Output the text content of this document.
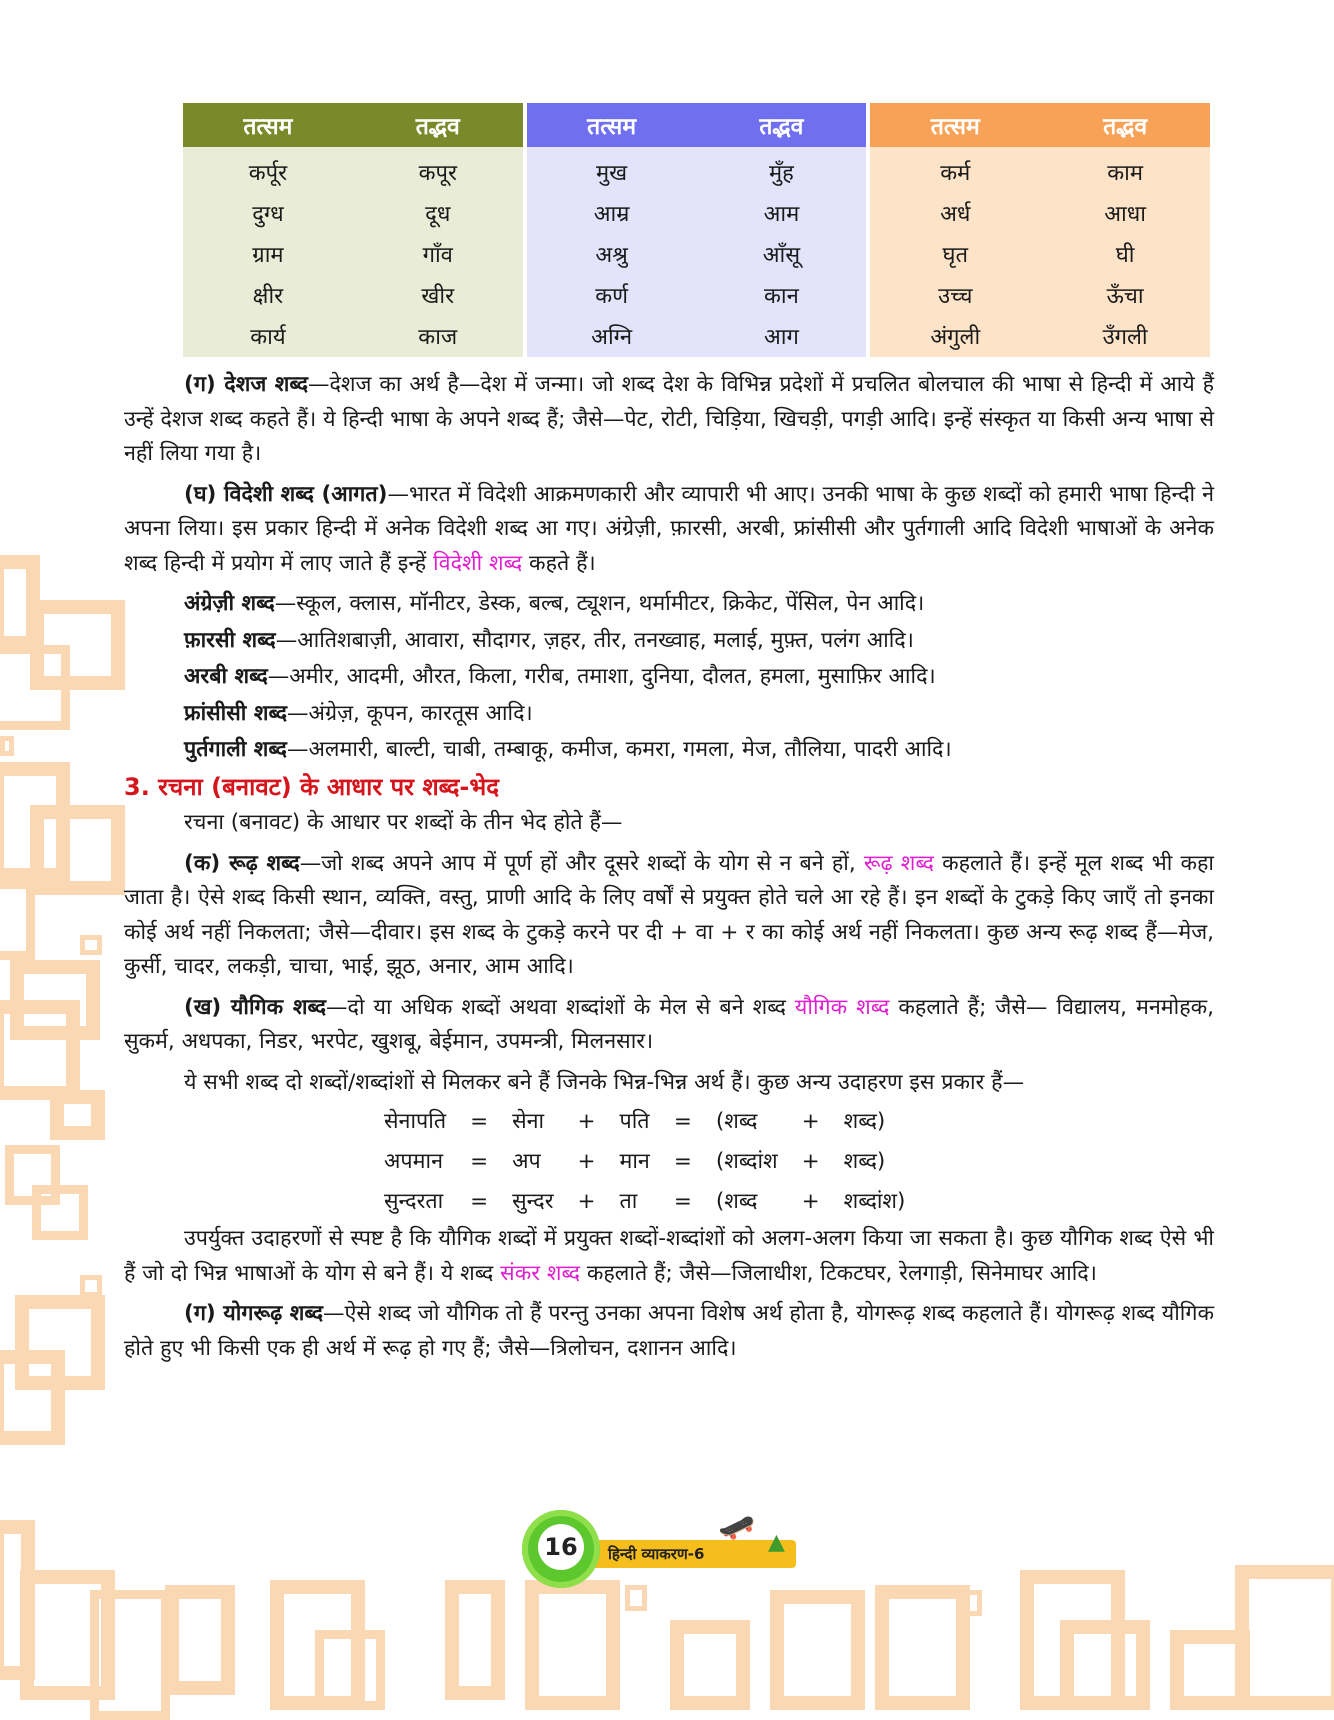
तत्सम	तद्भव
कर्पूर	कपूर
दुग्ध	दूध
ग्राम	गाँव
क्षीर	खीर
कार्य	काज
तत्सम	तद्भव
मुख	मुँह
आम्र	आम
अश्रु	आँसू
कर्ण	कान
अग्नि	आग
तत्सम	तद्भव
कर्म	काम
अर्ध	आधा
घृत	घी
उच्च	ऊँचा
अंगुली	उँगली

(ग) देशज शब्द—देशज का अर्थ है—देश में जन्मा। जो शब्द देश के विभिन्न प्रदेशों में प्रचलित बोलचाल की भाषा से हिन्दी में आये हैं उन्हें देशज शब्द कहते हैं। ये हिन्दी भाषा के अपने शब्द हैं; जैसे—पेट, रोटी, चिड़िया, खिचड़ी, पगड़ी आदि। इन्हें संस्कृत या किसी अन्य भाषा से नहीं लिया गया है।

(घ) विदेशी शब्द (आगत)—भारत में विदेशी आक्रमणकारी और व्यापारी भी आए। उनकी भाषा के कुछ शब्दों को हमारी भाषा हिन्दी ने अपना लिया। इस प्रकार हिन्दी में अनेक विदेशी शब्द आ गए। अंग्रेज़ी, फ़ारसी, अरबी, फ्रांसीसी और पुर्तगाली आदि विदेशी भाषाओं के अनेक शब्द हिन्दी में प्रयोग में लाए जाते हैं इन्हें विदेशी शब्द कहते हैं।

अंग्रेज़ी शब्द—स्कूल, क्लास, मॉनीटर, डेस्क, बल्ब, ट्यूशन, थर्मामीटर, क्रिकेट, पेंसिल, पेन आदि।

फ़ारसी शब्द—आतिशबाज़ी, आवारा, सौदागर, ज़हर, तीर, तनख्वाह, मलाई, मुफ़्त, पलंग आदि।

अरबी शब्द—अमीर, आदमी, औरत, किला, गरीब, तमाशा, दुनिया, दौलत, हमला, मुसाफ़िर आदि।

फ्रांसीसी शब्द—अंग्रेज़, कूपन, कारतूस आदि।

पुर्तगाली शब्द—अलमारी, बाल्टी, चाबी, तम्बाकू, कमीज, कमरा, गमला, मेज, तौलिया, पादरी आदि।

3. रचना (बनावट) के आधार पर शब्द-भेद

रचना (बनावट) के आधार पर शब्दों के तीन भेद होते हैं—

(क) रूढ़ शब्द—जो शब्द अपने आप में पूर्ण हों और दूसरे शब्दों के योग से न बने हों, रूढ़ शब्द कहलाते हैं। इन्हें मूल शब्द भी कहा जाता है। ऐसे शब्द किसी स्थान, व्यक्ति, वस्तु, प्राणी आदि के लिए वर्षों से प्रयुक्त होते चले आ रहे हैं। इन शब्दों के टुकड़े किए जाएँ तो इनका कोई अर्थ नहीं निकलता; जैसे—दीवार। इस शब्द के टुकड़े करने पर दी + वा + र का कोई अर्थ नहीं निकलता। कुछ अन्य रूढ़ शब्द हैं—मेज, कुर्सी, चादर, लकड़ी, चाचा, भाई, झूठ, अनार, आम आदि।

(ख) यौगिक शब्द—दो या अधिक शब्दों अथवा शब्दांशों के मेल से बने शब्द यौगिक शब्द कहलाते हैं; जैसे— विद्यालय, मनमोहक, सुकर्म, अधपका, निडर, भरपेट, खुशबू, बेईमान, उपमन्त्री, मिलनसार।

ये सभी शब्द दो शब्दों/शब्दांशों से मिलकर बने हैं जिनके भिन्न-भिन्न अर्थ हैं। कुछ अन्य उदाहरण इस प्रकार हैं—

सेनापति	=	सेना	+	पति	=	(शब्द	+	शब्द)
अपमान	=	अप	+	मान	=	(शब्दांश	+	शब्द)
सुन्दरता	=	सुन्दर	+	ता	=	(शब्द	+	शब्दांश)

उपर्युक्त उदाहरणों से स्पष्ट है कि यौगिक शब्दों में प्रयुक्त शब्दों-शब्दांशों को अलग-अलग किया जा सकता है। कुछ यौगिक शब्द ऐसे भी हैं जो दो भिन्न भाषाओं के योग से बने हैं। ये शब्द संकर शब्द कहलाते हैं; जैसे—जिलाधीश, टिकटघर, रेलगाड़ी, सिनेमाघर आदि।

(ग) योगरूढ़ शब्द—ऐसे शब्द जो यौगिक तो हैं परन्तु उनका अपना विशेष अर्थ होता है, योगरूढ़ शब्द कहलाते हैं। योगरूढ़ शब्द यौगिक होते हुए भी किसी एक ही अर्थ में रूढ़ हो गए हैं; जैसे—त्रिलोचन, दशानन आदि।

16	हिन्दी व्याकरण-6
🛹 ▲
